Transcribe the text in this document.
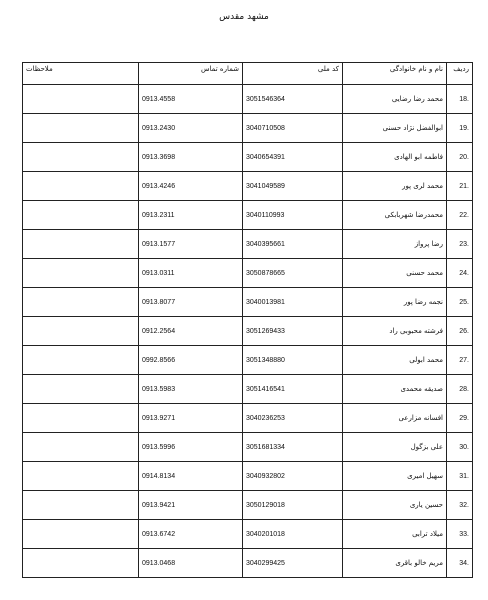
مشهد مقدس
ردیف	نام و نام خانوادگی	کد ملی	شماره تماس	ملاحظات
.18	محمد رضا رضایی	3051546364	0913.4558	
.19	ابوالفضل نژاد حسنی	3040710508	0913.2430	
.20	فاطمه ابو الهادی	3040654391	0913.3698	
.21	محمد لری پور	3041049589	0913.4246	
.22	محمدرضا شهربابکی	3040110993	0913.2311	
.23	رضا پرواز	3040395661	0913.1577	
.24	محمد حسنی	3050878665	0913.0311	
.25	نجمه رضا پور	3040013981	0913.8077	
.26	فرشته محبوبی راد	3051269433	0912.2564	
.27	محمد ابولی	3051348880	0992.8566	
.28	صدیقه محمدی	3051416541	0913.5983	
.29	افسانه مزارعی	3040236253	0913.9271	
.30	علی بزگول	3051681334	0913.5996	
.31	سهیل امیری	3040932802	0914.8134	
.32	حسین یاری	3050129018	0913.9421	
.33	میلاد ترابی	3040201018	0913.6742	
.34	مریم خالو باقری	3040299425	0913.0468	
